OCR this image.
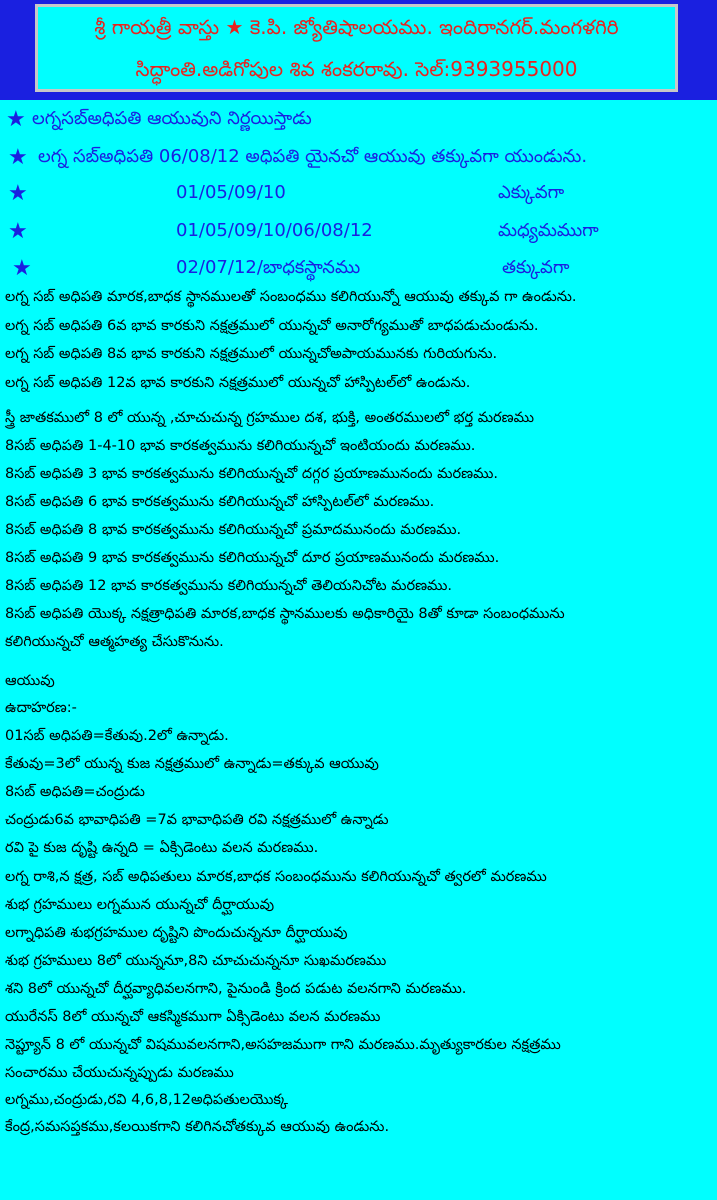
శ్రీ గాయత్రీ వాస్తు ★ కె.పి. జ్యోతిషాలయము. ఇందిరానగర్.మంగళగిరి
సిద్ధాంతి.అడిగోపుల శివ శంకరరావు. సెల్:9393955000
★ లగ్నసబ్అధిపతి ఆయువుని నిర్ణయిస్తాడు
★ లగ్న సబ్అధిపతి 06/08/12 అధిపతి యైనచో ఆయువు తక్కువగా యుండును.
★	01/05/09/10	ఎక్కువగా
★	01/05/09/10/06/08/12	మధ్యమముగా
★	02/07/12/బాధకస్థానము	తక్కువగా
లగ్న సబ్ అధిపతి మారక,బాధక స్థానములతో సంబంధము కలిగియున్నో ఆయువు తక్కువ గా ఉండును.
లగ్న సబ్ అధిపతి 6వ భావ కారకుని నక్షత్రములో యున్నచో అనారోగ్యముతో బాధపడుచుండును.
లగ్న సబ్ అధిపతి 8వ భావ కారకుని నక్షత్రములో యున్నచోఅపాయమునకు గురియగును.
లగ్న సబ్ అధిపతి 12వ భావ కారకుని నక్షత్రములో యున్నచో హాస్పిటల్‌లో ఉండును.
స్త్రీ జాతకములో 8 లో యున్న ,చూచుచున్న గ్రహముల దశ, భుక్తి, అంతరములలో భర్త మరణము
8సబ్ అధిపతి 1-4-10 భావ కారకత్వమును కలిగియున్నచో ఇంటియందు మరణము.
8సబ్ అధిపతి 3 భావ కారకత్వమును కలిగియున్నచో దగ్గర ప్రయాణమునందు మరణము.
8సబ్ అధిపతి 6 భావ కారకత్వమును కలిగియున్నచో హాస్పిటల్‌లో మరణము.
8సబ్ అధిపతి 8 భావ కారకత్వమును కలిగియున్నచో ప్రమాదమునందు మరణము.
8సబ్ అధిపతి 9 భావ కారకత్వమును కలిగియున్నచో దూర ప్రయాణమునందు మరణము.
8సబ్ అధిపతి 12 భావ కారకత్వమును కలిగియున్నచో తెలియనిచోట మరణము.
8సబ్ అధిపతి యొక్క నక్షత్రాధిపతి మారక,బాధక స్థానములకు అధికారియై 8తో కూడా సంబంధమును
కలిగియున్నచో ఆత్మహత్య చేసుకొనును.
ఆయువు
ఉదాహరణ:-
01సబ్ అధిపతి=కేతువు.2లో ఉన్నాడు.
కేతువు=3లో యున్న కుజ నక్షత్రములో ఉన్నాడు=తక్కువ ఆయువు
8సబ్ అధిపతి=చంద్రుడు
చంద్రుడు6వ భావాధిపతి =7వ భావాధిపతి రవి నక్షత్రములో ఉన్నాడు
రవి పై కుజ దృష్టి ఉన్నది = ఏక్సిడెంటు వలన మరణము.
లగ్న రాశి,న క్షత్ర, సబ్ అధిపతులు మారక,బాధక సంబంధమును కలిగియున్నచో త్వరలో మరణము
శుభ గ్రహములు లగ్నమున యున్నచో దీర్ఘాయువు
లగ్నాధిపతి శుభగ్రహముల దృష్టిని పొందుచున్ననూ దీర్ఘాయువు
శుభ గ్రహములు 8లో యున్ననూ,8ని చూచుచున్ననూ సుఖమరణము
శని 8లో యున్నచో దీర్ఘవ్యాధివలనగాని, పైనుండి క్రింద పడుట వలనగాని మరణము.
యురేనస్ 8లో యున్నచో ఆకస్మికముగా ఏక్సిడెంటు వలన మరణము
నెప్ట్యూన్ 8 లో యున్నచో విషమువలనగాని,అసహజముగా గాని మరణము.మృత్యుకారకుల నక్షత్రము
సంచారము చేయుచున్నప్పుడు మరణము
లగ్నము,చంద్రుడు,రవి 4,6,8,12అధిపతులయొక్క
కేంద్ర,సమసప్తకము,కలయికగాని కలిగినచోతక్కువ ఆయువు ఉండును.
